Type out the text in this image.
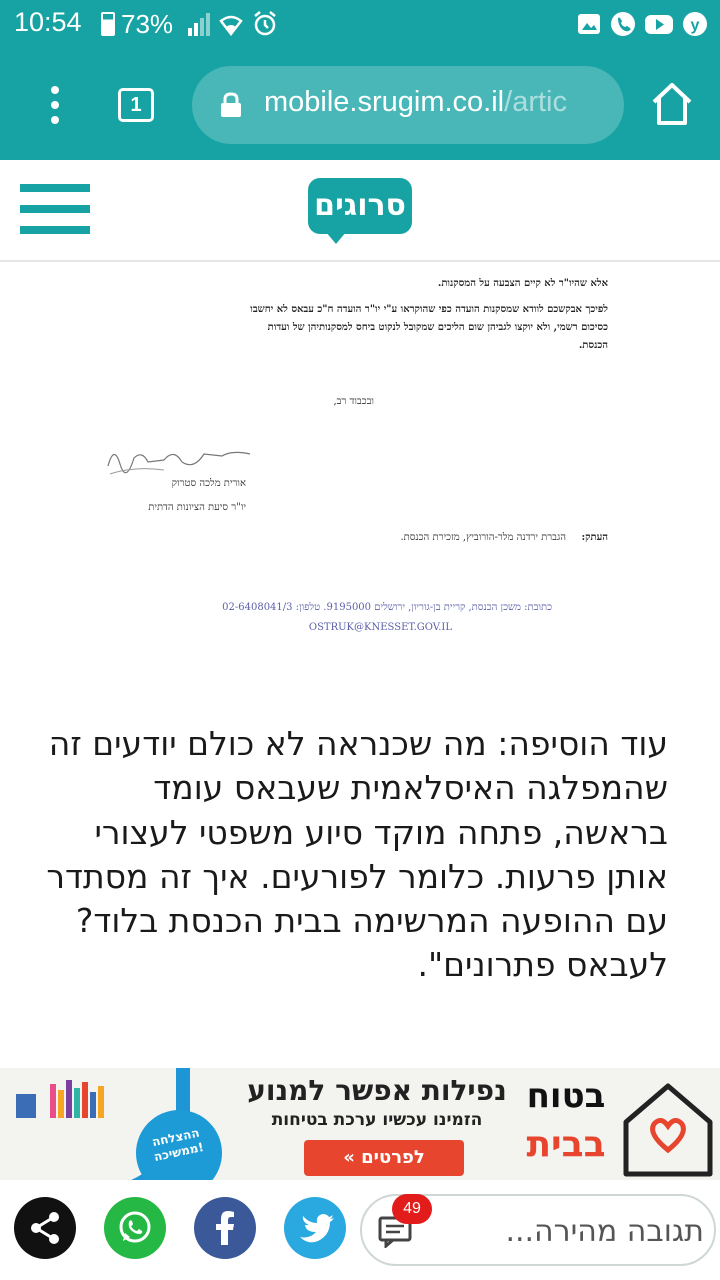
10:54 73%	y
1	mobile.srugim.co.il/artic
סרוגים
אלא שהיו"ר לא קיים הצבעה על המסקנות.
לפיכך אבקשכם לוודא שמסקנות הועדה כפי שהוקראו ע"י יו"ר הועדה ח"כ עבאס לא יחשבו
כסיכום רשמי, ולא יוקצו לגביהן שום הליכים שמקובל לנקוט ביחס למסקנותיהן של ועדות
הכנסת.
ובכבוד רב,
אורית מלכה סטרוק
יו"ר סיעת הציונות הדתית
העתק:
הגברת ירדנה מלר-הורוביץ, מזכירת הכנסת.
כתובת: משכן הכנסת, קריית בן-גוריון, ירושלים 9195000. טלפון: 02-6408041/3
OSTRUK@KNESSET.GOV.IL
עוד הוסיפה: מה שכנראה לא כולם יודעים זה שהמפלגה האיסלאמית שעבאס עומד בראשה, פתחה מוקד סיוע משפטי לעצורי אותן פרעות. כלומר לפורעים. איך זה מסתדר עם ההופעה המרשימה בבית הכנסת בלוד? לעבאס פתרונים".
ההצלחה
ממשיכה!
נפילות אפשר למנוע
הזמינו עכשיו ערכת בטיחות
לפרטים »
בטוח
בבית
49
תגובה מהירה...
